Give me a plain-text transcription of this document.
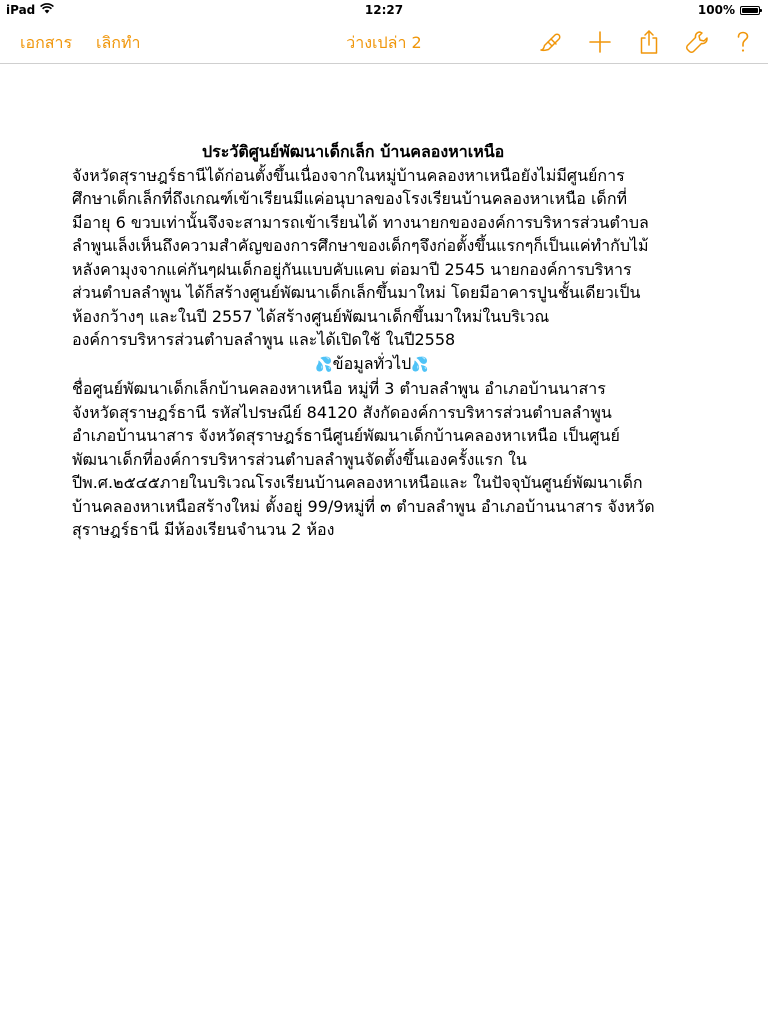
iPad	12:27	100%
เอกสาร เลิกทำ	ว่างเปล่า 2

ประวัติศูนย์พัฒนาเด็กเล็ก บ้านคลองหาเหนือ

จังหวัดสุราษฎร์ธานีได้ก่อนตั้งขึ้นเนื่องจากในหมู่บ้านคลองหาเหนือยังไม่มีศูนย์การ

ศึกษาเด็กเล็กที่ถึงเกณฑ์เข้าเรียนมีแค่อนุบาลของโรงเรียนบ้านคลองหาเหนือ เด็กที่

มีอายุ 6 ขวบเท่านั้นจึงจะสามารถเข้าเรียนได้ ทางนายกขององค์การบริหารส่วนตำบล

ลำพูนเล็งเห็นถึงความสำคัญของการศึกษาของเด็กๆจึงก่อตั้งขึ้นแรกๆก็เป็นแค่ทำกับไม้

หลังคามุงจากแค่กันๆฝนเด็กอยู่กันแบบคับแคบ ต่อมาปี 2545 นายกองค์การบริหาร

ส่วนตำบลลำพูน ได้ก็สร้างศูนย์พัฒนาเด็กเล็กขึ้นมาใหม่ โดยมีอาคารปูนชั้นเดียวเป็น

ห้องกว้างๆ และในปี 2557 ได้สร้างศูนย์พัฒนาเด็กขึ้นมาใหม่ในบริเวณ

องค์การบริหารส่วนตำบลลำพูน และได้เปิดใช้ ในปี2558

💦ข้อมูลทั่วไป💦

ชื่อศูนย์พัฒนาเด็กเล็กบ้านคลองหาเหนือ หมู่ที่ 3 ตำบลลำพูน อำเภอบ้านนาสาร

จังหวัดสุราษฎร์ธานี รหัสไปรษณีย์ 84120 สังกัดองค์การบริหารส่วนตำบลลำพูน

อำเภอบ้านนาสาร จังหวัดสุราษฎร์ธานีศูนย์พัฒนาเด็กบ้านคลองหาเหนือ เป็นศูนย์

พัฒนาเด็กที่องค์การบริหารส่วนตำบลลำพูนจัดตั้งขึ้นเองครั้งแรก ใน

ปีพ.ศ.๒๕๔๕ภายในบริเวณโรงเรียนบ้านคลองหาเหนือและ ในปัจจุบันศูนย์พัฒนาเด็ก

บ้านคลองหาเหนือสร้างใหม่ ตั้งอยู่ 99/9หมู่ที่ ๓ ตำบลลำพูน อำเภอบ้านนาสาร จังหวัด

สุราษฎร์ธานี มีห้องเรียนจำนวน 2 ห้อง
